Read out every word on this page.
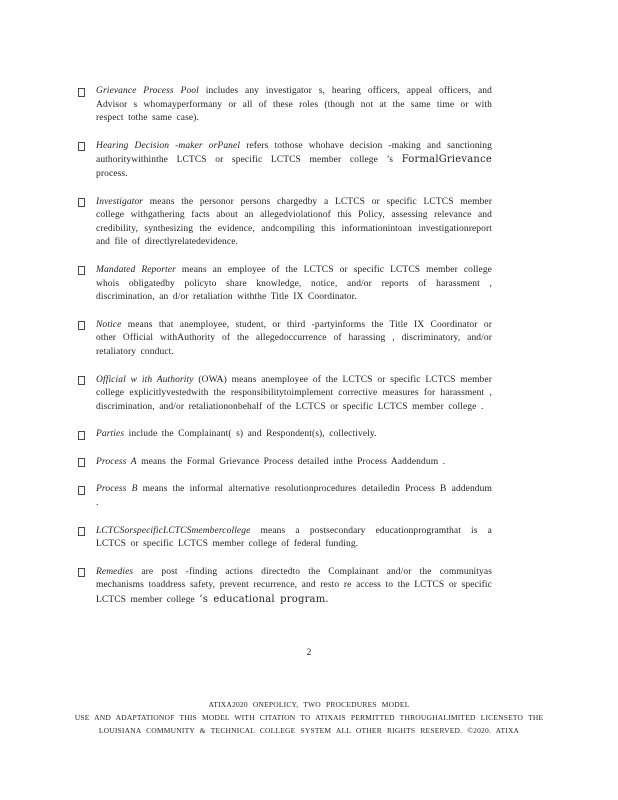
Grievance Process Pool includes any investigator s, hearing officers, appeal officers, and Advisor s whomayperformany or all of these roles (though not at the same time or with respect tothe same case).

Hearing Decision -maker orPanel refers tothose whohave decision -making and sanctioning authoritywithinthe LCTCS or specific LCTCS member college ’s FormalGrievance process.

Investigator means the personor persons chargedby a LCTCS or specific LCTCS member college withgathering facts about an allegedviolationof this Policy, assessing relevance and credibility, synthesizing the evidence, andcompiling this informationintoan investigationreport and file of directlyrelatedevidence.

Mandated Reporter means an employee of the LCTCS or specific LCTCS member college whois obligatedby policyto share knowledge, notice, and/or reports of harassment , discrimination, an d/or retaliation withthe Title IX Coordinator.

Notice means that anemployee, student, or third -partyinforms the Title IX Coordinator or other Official withAuthority of the allegedoccurrence of harassing , discriminatory, and/or retaliatory conduct.

Official w ith Authority (OWA) means anemployee of the LCTCS or specific LCTCS member college explicitlyvestedwith the responsibilitytoimplement corrective measures for harassment , discrimination, and/or retaliationonbehalf of the LCTCS or specific LCTCS member college .

Parties include the Complainant( s) and Respondent(s), collectively.

Process A means the Formal Grievance Process detailed inthe Process Aaddendum .

Process B means the informal alternative resolutionprocedures detailedin Process B addendum .

LCTCSorspecificLCTCSmembercollege means a postsecondary educationprogramthat is a LCTCS or specific LCTCS member college of federal funding.

Remedies are post -finding actions directedto the Complainant and/or the communityas mechanisms toaddress safety, prevent recurrence, and resto re access to the LCTCS or specific LCTCS member college ’s educational program.

2
ATIXA2020 ONEPOLICY, TWO PROCEDURES MODEL
USE AND ADAPTATIONOF THIS MODEL WITH CITATION TO ATIXAIS PERMITTED THROUGHALIMITED LICENSETO THE
LOUISIANA COMMUNITY & TECHNICAL COLLEGE SYSTEM ALL OTHER RIGHTS RESERVED. ©2020. ATIXA
